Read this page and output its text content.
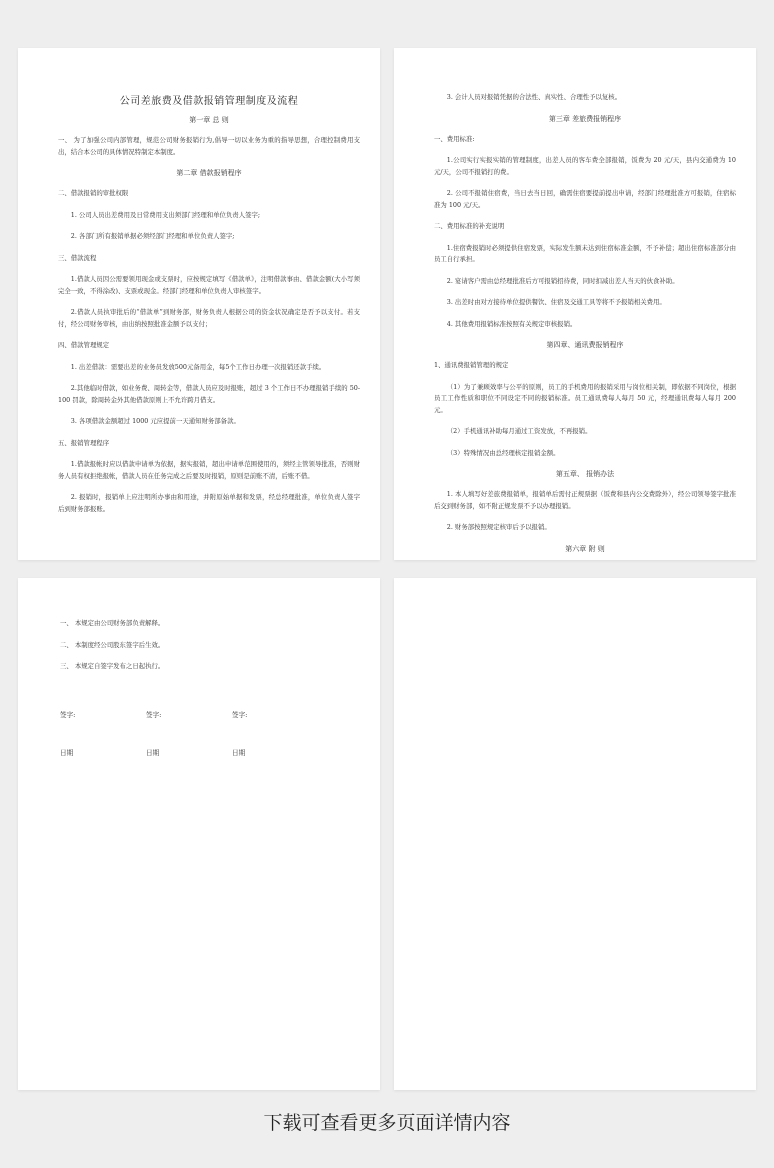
公司差旅费及借款报销管理制度及流程
第一章 总 则

一、 为了加强公司内部管理，规范公司财务报销行为,倡导一切以业务为重的指导思想，合理控制费用支出，结合本公司的具体情况特制定本制度。

第二章 借款报销程序

二、借款报销的审批权限

1. 公司人员出差费用及日常费用支出须部门经理和单位负责人签字;

2. 各部门所有报销单据必须经部门经理和单位负责人签字;

三、借款流程

1.借款人员因公需要领用现金或支票时，应按规定填写《借款单》，注明借款事由、借款金额(大小写须完全一致，不得涂改)、支票或现金。经部门经理和单位负责人审核签字。

2.借款人员执审批后的“借款单”到财务部，财务负责人根据公司的资金状况确定是否予以支付。若支付，经公司财务审核，由出纳按照批准金额予以支付；

四、借款管理规定

1. 出差借款：需要出差的业务员发放500元备用金，每5个工作日办理一次报销还款手续。

2.其他临时借款，如业务费、周转金等，借款人员应及时报账，超过 3 个工作日不办理报销手续的 50-100 罚款，除周转金外其他借款原则上不允许跨月借支。

3. 各项借款金额超过 1000 元应提前一天通知财务部备款。

五、报销管理程序

1.借款报帐时应以借款申请单为依据，据实报销，超出申请单范围使用的，须经主管领导批准，否则财务人员有权拒绝报帐，借款人员在任务完成之后要及时报销，原则是前账不清，后账不借。

2. 报销时，报销单上应注明所办事由和用途，并附原始单据和发票，经总经理批准，单位负责人签字后到财务部报账。

3. 会计人员对报销凭据的合法性、真实性、合理性予以复核。

第三章 差旅费报销程序

一、费用标准:

1.公司实行实报实销的管理制度，出差人员的客车费全部报销，饭费为 20 元/天，县内交通费为 10 元/天，公司不报销打的费。

2. 公司不报销住宿费，当日去当日回，确需住宿要提前提出申请，经部门经理批准方可报销，住宿标准为 100 元/天。

二、费用标准的补充说明

1.住宿费报销时必须提供住宿发票，实际发生额未达到住宿标准金额，不予补偿；超出住宿标准部分由员工自行承担。

2. 宴请客户需由总经理批准后方可报销招待费，同时扣减出差人当天的伙食补助。

3. 出差时由对方接待单位提供餐饮、住宿及交通工具等将不予报销相关费用。

4. 其他费用报销标准按照有关规定审核报销。

第四章、通讯费报销程序

1、通讯费报销管理的规定

（1）为了兼顾效率与公平的原则，员工的手机费用的报销采用与岗位相关制，即依据不同岗位，根据员工工作性质和职位不同设定不同的报销标准。员工通讯费每人每月 50 元，经理通讯费每人每月 200 元。

（2）手机通讯补助每月通过工资发放，不再报销。

（3）特殊情况由总经理核定报销金额。

第五章、 报销办法

1. 本人填写好差旅费报销单，报销单后需付正规票据（饭费和县内公交费除外），经公司领导签字批准后交到财务部，如不附正规发票不予以办理报销。

2. 财务部按照规定核审后予以报销。

第六章 附 则

一、 本规定由公司财务部负责解释。

二、 本制度经公司股东签字后生效。

三、 本规定自签字发布之日起执行。

签字:	签字:	签字:
日期	日期	日期
下载可查看更多页面详情内容
